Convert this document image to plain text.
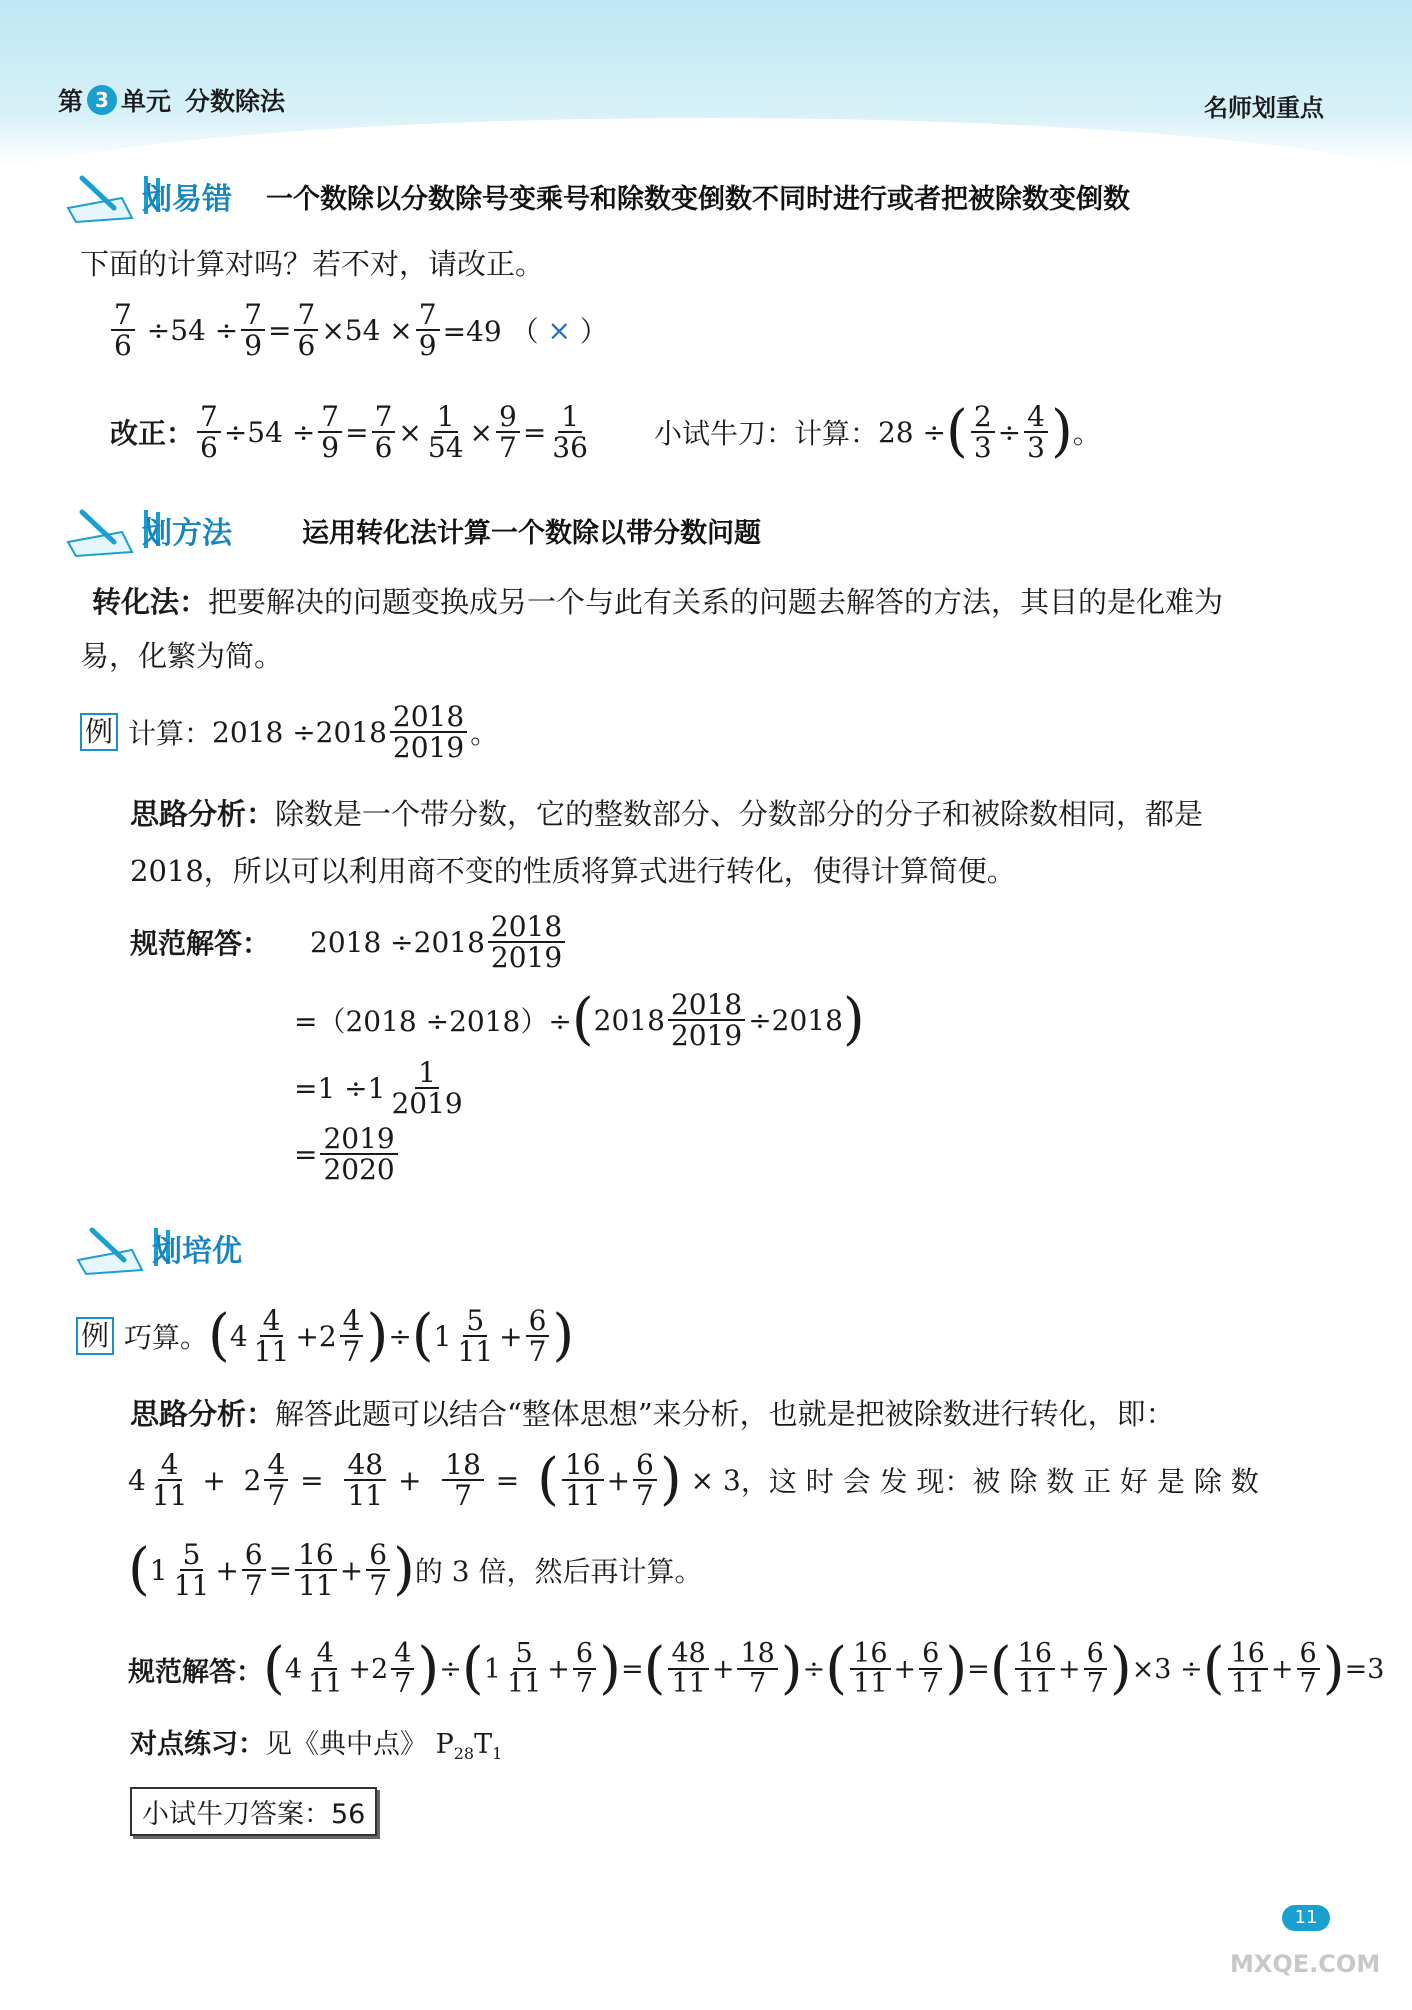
第 3 单元 分数除法	名师划重点
划易错 一个数除以分数除号变乘号和除数变倒数不同时进行或者把被除数变倒数
下面的计算对吗？若不对，请改正。
$\frac{7}{6} \div 54 \div \frac{7}{9} = \frac{7}{6} \times 54 \times \frac{7}{9} =49$ （ × ）
改正： $\frac{7}{6} \div 54 \div \frac{7}{9} = \frac{7}{6} \times \frac{1}{54} \times \frac{9}{7} = \frac{1}{36}$ 小试牛刀：计算： 28 ÷ ( $\frac{2}{3} \div \frac{4}{3}$ ) 。
划方法	运用转化法计算一个数除以带分数问题
转化法：把要解决的问题变换成另一个与此有关系的问题去解答的方法，其目的是化难为
易，化繁为简。
例 计算： $2018 \div 2018 \frac{2018}{2019}$ 。
思路分析：除数是一个带分数，它的整数部分、分数部分的分子和被除数相同，都是
2018，所以可以利用商不变的性质将算式进行转化，使得计算简便。
规范解答： $2018 \div 2018 \frac{2018}{2019}$
=（2018 ÷2018）÷ ( $2018 \frac{2018}{2019} \div 2018$ )
$=1 \div 1 \frac{1}{2019}$
= $\frac{2019}{2020}$
划培优
例 巧算。 ( $4 \frac{4}{11} +2 \frac{4}{7}$ ) ÷ ( $1 \frac{5}{11} + \frac{6}{7}$ )
思路分析：解答此题可以结合“整体思想”来分析，也就是把被除数进行转化，即：
$4 \frac{4}{11} + 2 \frac{4}{7} = \frac{48}{11} + \frac{18}{7}$ = ( $\frac{16}{11} + \frac{6}{7}$ ) × 3 ，这 时 会 发 现：被 除 数 正 好 是 除 数
( $1 \frac{5}{11} + \frac{6}{7} = \frac{16}{11} + \frac{6}{7}$ ) 的 3 倍，然后再计算。
规范解答： ( $4 \frac{4}{11} +2 \frac{4}{7}$ ) ÷ ( $1 \frac{5}{11} + \frac{6}{7}$ ) = ( $\frac{48}{11} + \frac{18}{7}$ ) ÷ ( $\frac{16}{11} + \frac{6}{7}$ ) = ( $\frac{16}{11} + \frac{6}{7}$ ) ×3 ÷ ( $\frac{16}{11} + \frac{6}{7}$ ) =3
对点练习：见《典中点》 $P_{28}T_1$
小试牛刀答案：56
11
MXQE.COM
